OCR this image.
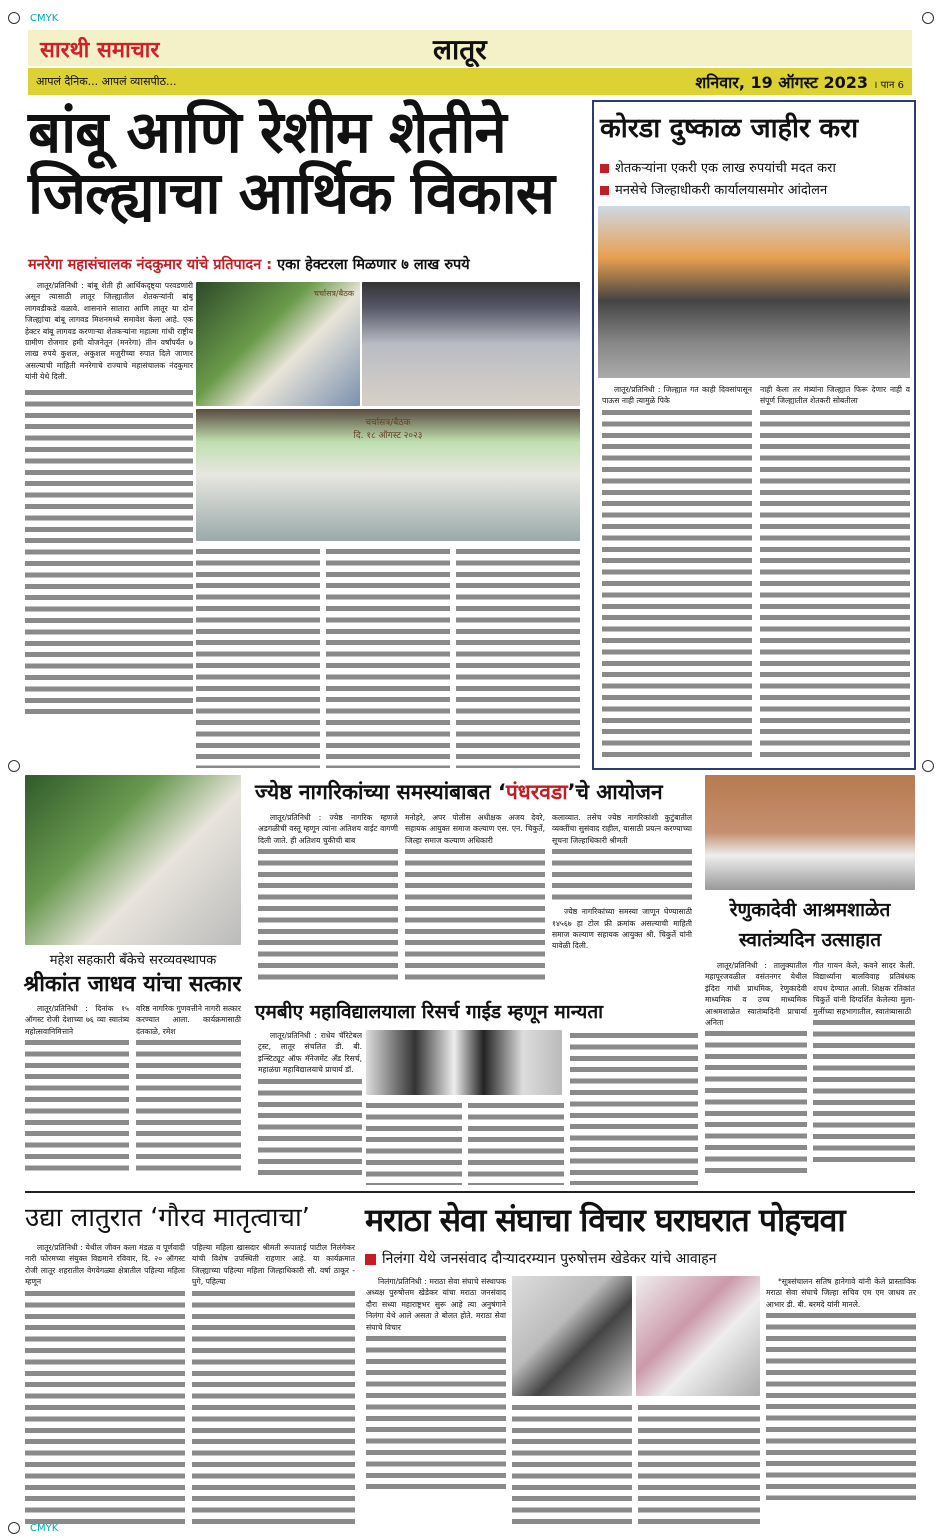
CMYK
सारथी समाचार	लातूर
आपलं दैनिक... आपलं व्यासपीठ...	शनिवार, 19 ऑगस्ट 2023 । पान 6
बांबू आणि रेशीम शेतीने
जिल्ह्याचा आर्थिक विकास
मनरेगा महासंचालक नंदकुमार यांचे प्रतिपादन : एका हेक्टरला मिळणार ७ लाख रुपये

लातूर/प्रतिनिधी : बांबू शेती ही आर्थिकदृष्ट्या परवडणारी असून त्यासाठी लातूर जिल्ह्यातील शेतकऱ्यांनी बांबू लागवडीकडे वळावे. शासनाने सातारा आणि लातूर या दोन जिल्ह्यांचा बांबू लागवड मिशनमध्ये समावेश केला आहे. एक हेक्टर बांबू लागवड करणाऱ्या शेतकऱ्यांना महात्मा गांधी राष्ट्रीय ग्रामीण रोजगार हमी योजनेतून (मनरेगा) तीन वर्षांपर्यंत ७ लाख रुपये कुशल, अकुशल मजुरीच्या रुपात दिले जाणार असल्याची माहिती मनरेगाचे राज्याचे महासंचालक नंदकुमार यांनी येथे दिली.

चर्चासत्र/बैठक
चर्चासत्र/बैठक
दि. १८ ऑगस्ट २०२३
कोरडा दुष्काळ जाहीर करा
शेतकऱ्यांना एकरी एक लाख रुपयांची मदत करा
मनसेचे जिल्हाधीकरी कार्यालयासमोर आंदोलन

लातूर/प्रतिनिधी : जिल्ह्यात गत काही दिवसांपासून पाऊस नाही त्यामुळे पिके

नाही केला तर मंत्र्यांना जिल्ह्यात फिरू देणार नाही व संपूर्ण जिल्ह्यातील शेतकरी सोबतीला

महेश सहकारी बँकेचे सरव्यवस्थापक
श्रीकांत जाधव यांचा सत्कार

लातूर/प्रतिनिधी : दिनांक १५ ऑगस्ट रोजी देशाच्या ७६ व्या स्वातंत्र्य महोत्सवानिमित्ताने

वरिष्ठ नागरिक गुणवत्तीने नागरी सत्कार करण्यात आला. कार्यक्रमासाठी दंतकाळे, रमेश

ज्येष्ठ नागरिकांच्या समस्यांबाबत ‘पंधरवडा’चे आयोजन

लातूर/प्रतिनिधी : ज्येष्ठ नागरिक म्हणजे अडगळीची वस्तू म्हणून त्यांना अतिशय वाईट वागणी दिली जाते. ही अतिशय चुकीची बाब

मनोहरे, अपर पोलीस अधीक्षक अजय देवरे, सहायक आयुक्त समाज कल्याण एस. एन. चिकुर्ते, जिल्हा समाज कल्याण अधिकारी

कलाव्यात. तसेच ज्येष्ठ नागरिकांशी कुटुंबातील व्यक्तींचा सुसंवाद राहील, यासाठी प्रयत्न करण्याच्या सूचना जिल्हाधिकारी श्रीमती

ज्येष्ठ नागरिकांच्या समस्या जाणून घेण्यासाठी १४५६७ हा टोल फ्री क्रमांक असल्याची माहिती समाज कल्याण सहायक आयुक्त श्री. चिकुर्ते यांनी यावेळी दिली.

एमबीए महाविद्यालयाला रिसर्च गाईड म्हणून मान्यता

लातूर/प्रतिनिधी : राधेय चॅरिटेबल ट्रस्ट, लातूर संचलित डी. बी. इन्स्टिट्यूट ऑफ मॅनेजमेंट अँड रिसर्च, महाळंग्रा महाविद्यालयाचे प्राचार्य डॉ.

रेणुकादेवी आश्रमशाळेत
स्वातंत्र्यदिन उत्साहात

लातूर/प्रतिनिधी : तालुक्यातील महापूरजवळील वसंतनगर येथील इंदिरा गांधी प्राथमिक, रेणुकादेवी माध्यमिक व उच्च माध्यमिक आश्रमशाळेत स्वातंत्र्यदिनी प्राचार्या अनिता

गीत गायन केले, कवने सादर केली. विद्यार्थ्यांना बालविवाह प्रतिबंधक शपथ देण्यात आली. शिक्षक रतिकांत चिकुर्ते यांनी दिग्दर्शित केलेल्या मुला-मुलींच्या सहभागातील, स्वातंत्र्यासाठी

उद्या लातुरात ‘गौरव मातृत्वाचा’

लातूर/प्रतिनिधी : येथील जीवन कला मंडळ व पूर्णवादी नारी फोरमच्या संयुक्त विद्यमाने रविवार, दि. २० ऑगस्ट रोजी लातूर शहरातील वेगवेगळ्या क्षेत्रातील पहिल्या महिला म्हणून

पहिल्या महिला खासदार श्रीमती रूपाताई पाटील निलंगेकर यांची विशेष उपस्थिती राहणार आहे. या कार्यक्रमात जिल्ह्याच्या पहिल्या महिला जिल्हाधिकारी सौ. वर्षा ठाकूर - घुगे, पहिल्या

मराठा सेवा संघाचा विचार घराघरात पोहचवा
निलंगा येथे जनसंवाद दौऱ्यादरम्यान पुरुषोत्तम खेडेकर यांचे आवाहन

निलंगा/प्रतिनिधी : मराठा सेवा संघाचे संस्थापक अध्यक्ष पुरुषोत्तम खेडेकर यांचा मराठा जनसंवाद दौरा सध्या महाराष्ट्रभर सुरू आहे त्या अनुषंगाने निलंगा येथे आले असता ते बोलत होते. मराठा सेवा संघाचे विचार

*सूत्रसंचालन सतिष हानेगावे यांनी केले प्रास्ताविक मराठा सेवा संघाचे जिल्हा सचिव एम एम जाधव तर आभार डी. बी. बरमदे यांनी मानले.

CMYK
